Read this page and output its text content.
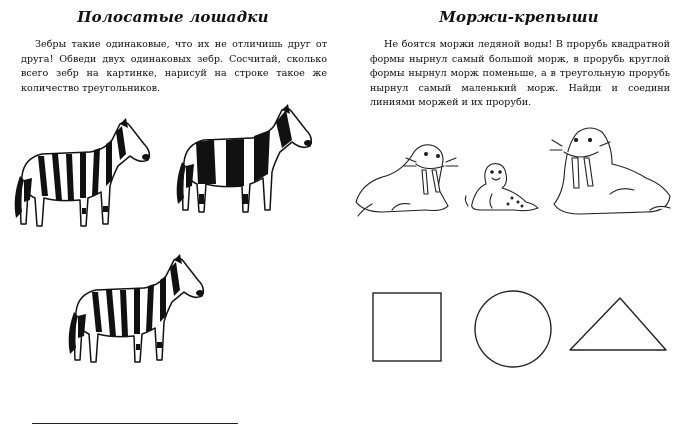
Полосатые лошадки
Зебры такие одинаковые, что их не отличишь друг от друга! Обведи двух одинаковых зебр. Сосчитай, сколько всего зебр на картинке, нарисуй на строке такое же количество треугольников.
Моржи-крепыши
Не боятся моржи ледяной воды! В прорубь квадратной формы нырнул самый большой морж, в прорубь круглой формы нырнул морж поменьше, а в треугольную прорубь нырнул самый маленький морж. Найди и соедини линиями моржей и их проруби.
